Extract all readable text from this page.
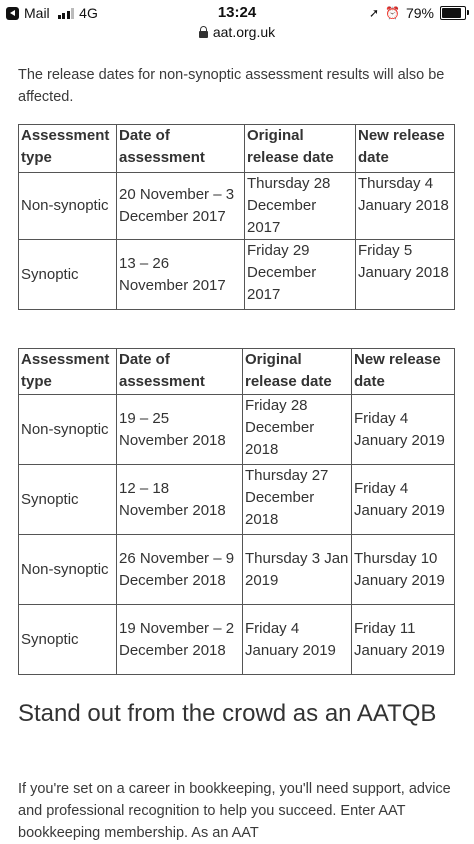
Mail 4G	13:24	➚ ⏰ 79%
aat.org.uk

The release dates for non-synoptic assessment results will also be affected.

Assessment type	Date of assessment	Original release date	New release date
Non-synoptic	20 November – 3 December 2017	Thursday 28 December 2017	Thursday 4 January 2018
Synoptic	13 – 26 November 2017	Friday 29 December 2017	Friday 5 January 2018
Assessment type	Date of assessment	Original release date	New release date
Non-synoptic	19 – 25 November 2018	Friday 28 December 2018	Friday 4 January 2019
Synoptic	12 – 18 November 2018	Thursday 27 December 2018	Friday 4 January 2019
Non-synoptic	26 November – 9 December 2018	Thursday 3 Jan 2019	Thursday 10 January 2019
Synoptic	19 November – 2 December 2018	Friday 4 January 2019	Friday 11 January 2019
Stand out from the crowd as an AATQB

If you're set on a career in bookkeeping, you'll need support, advice and professional recognition to help you succeed. Enter AAT bookkeeping membership. As an AAT
